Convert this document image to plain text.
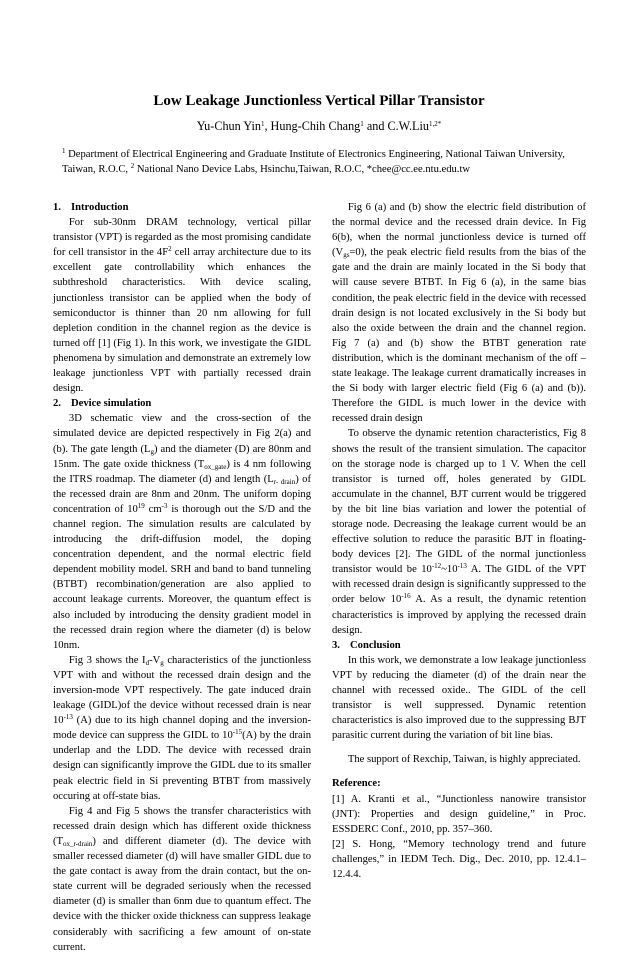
Low Leakage Junctionless Vertical Pillar Transistor
Yu-Chun Yin$^1$, Hung-Chih Chang$^1$ and C.W.Liu$^{1,2*}$
$^1$ Department of Electrical Engineering and Graduate Institute of Electronics Engineering, National Taiwan University, Taiwan, R.O.C, $^2$ National Nano Device Labs, Hsinchu,Taiwan, R.O.C, *chee@cc.ee.ntu.edu.tw
1. Introduction

For sub-30nm DRAM technology, vertical pillar transistor (VPT) is regarded as the most promising candidate for cell transistor in the $4F^2$ cell array architecture due to its excellent gate controllability which enhances the subthreshold characteristics. With device scaling, junctionless transistor can be applied when the body of semiconductor is thinner than 20 nm allowing for full depletion condition in the channel region as the device is turned off [1] (Fig 1). In this work, we investigate the GIDL phenomena by simulation and demonstrate an extremely low leakage junctionless VPT with partially recessed drain design.

2. Device simulation

3D schematic view and the cross-section of the simulated device are depicted respectively in Fig 2(a) and (b). The gate length $(L_g)$ and the diameter (D) are 80nm and 15nm. The gate oxide thickness $(T_{ox\_gate})$ is 4 nm following the ITRS roadmap. The diameter (d) and length $(L_{r- drain})$ of the recessed drain are 8nm and 20nm. The uniform doping concentration of $10^{19}$ $cm^{-3}$ is thorough out the S/D and the channel region. The simulation results are calculated by introducing the drift-diffusion model, the doping concentration dependent, and the normal electric field dependent mobility model. SRH and band to band tunneling (BTBT) recombination/generation are also applied to account leakage currents. Moreover, the quantum effect is also included by introducing the density gradient model in the recessed drain region where the diameter (d) is below 10nm.

Fig 3 shows the $I_d-V_g$ characteristics of the junctionless VPT with and without the recessed drain design and the inversion-mode VPT respectively. The gate induced drain leakage (GIDL)of the device without recessed drain is near $10^{-13}$ (A) due to its high channel doping and the inversion-mode device can suppress the GIDL to $10^{-15}(A)$ by the drain underlap and the LDD. The device with recessed drain design can significantly improve the GIDL due to its smaller peak electric field in Si preventing BTBT from massively occuring at off-state bias.

Fig 4 and Fig 5 shows the transfer characteristics with recessed drain design which has different oxide thickness $(T_{ox\_r-drain})$ and different diameter (d). The device with smaller recessed diameter (d) will have smaller GIDL due to the gate contact is away from the drain contact, but the on-state current will be degraded seriously when the recessed diameter (d) is smaller than 6nm due to quantum effect. The device with the thicker oxide thickness can suppress leakage considerably with sacrificing a few amount of on-state current.

Fig 6 (a) and (b) show the electric field distribution of the normal device and the recessed drain device. In Fig 6(b), when the normal junctionless device is turned off $(V_{gs}=0)$, the peak electric field results from the bias of the gate and the drain are mainly located in the Si body that will cause severe BTBT. In Fig 6 (a), in the same bias condition, the peak electric field in the device with recessed drain design is not located exclusively in the Si body but also the oxide between the drain and the channel region. Fig 7 (a) and (b) show the BTBT generation rate distribution, which is the dominant mechanism of the off –state leakage. The leakage current dramatically increases in the Si body with larger electric field (Fig 6 (a) and (b)). Therefore the GIDL is much lower in the device with recessed drain design

To observe the dynamic retention characteristics, Fig 8 shows the result of the transient simulation. The capacitor on the storage node is charged up to 1 V. When the cell transistor is turned off, holes generated by GIDL accumulate in the channel, BJT current would be triggered by the bit line bias variation and lower the potential of storage node. Decreasing the leakage current would be an effective solution to reduce the parasitic BJT in floating- body devices [2]. The GIDL of the normal junctionless transistor would be $10^{-12}\sim 10^{-13}$ A. The GIDL of the VPT with recessed drain design is significantly suppressed to the order below $10^{-16}$ A. As a result, the dynamic retention characteristics is improved by applying the recessed drain design.

3. Conclusion

In this work, we demonstrate a low leakage junctionless VPT by reducing the diameter (d) of the drain near the channel with recessed oxide.. The GIDL of the cell transistor is well suppressed. Dynamic retention characteristics is also improved due to the suppressing BJT parasitic current during the variation of bit line bias.

The support of Rexchip, Taiwan, is highly appreciated.

Reference:

[1] A. Kranti et al., “Junctionless nanowire transistor (JNT): Properties and design guideline,” in Proc. ESSDERC Conf., 2010, pp. 357–360.

[2] S. Hong, “Memory technology trend and future challenges,” in IEDM Tech. Dig., Dec. 2010, pp. 12.4.1–12.4.4.
